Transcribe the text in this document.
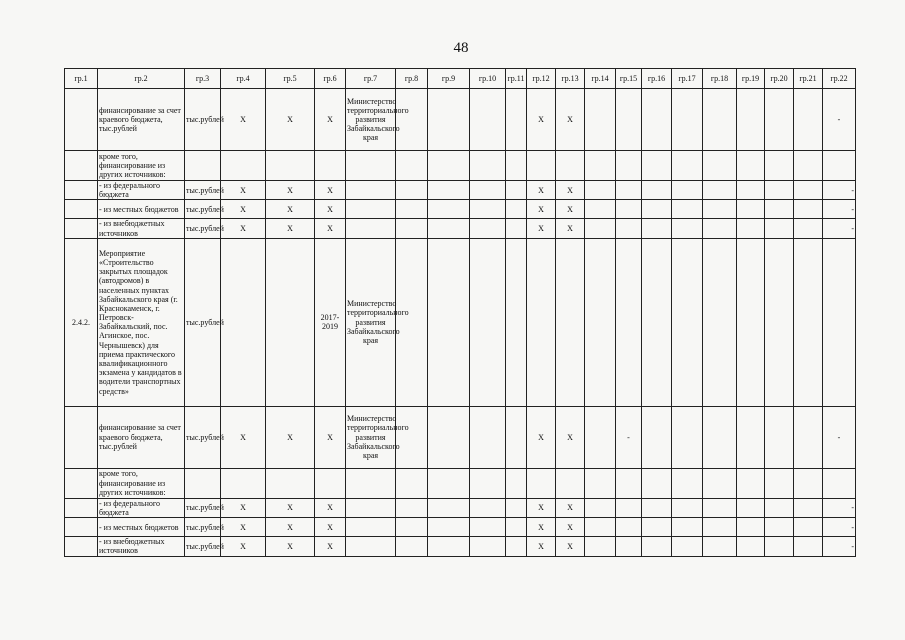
48
гр.1	гр.2	гр.3	гр.4	гр.5	гр.6	гр.7	гр.8	гр.9	гр.10	гр.11	гр.12	гр.13	гр.14	гр.15	гр.16	гр.17	гр.18	гр.19	гр.20	гр.21	гр.22
	финансирование за счет краевого бюджета, тыс.рублей	тыс.рублей	Х	Х	Х	Министерство территориального развития Забайкальского края					Х	Х									-
	кроме того, финансирование из других источников:																				
	- из федерального бюджета	тыс.рублей	Х	Х	Х						Х	Х									-
	- из местных бюджетов	тыс.рублей	Х	Х	Х						Х	Х									-
	- из внебюджетных источников	тыс.рублей	Х	Х	Х						Х	Х									-
2.4.2.	Мероприятие «Строительство закрытых площадок (автодромов) в населенных пунктах Забайкальского края (г. Краснокаменск, г. Петровск-Забайкальский, пос. Агинское, пос. Чернышевск) для приема практического квалификационного экзамена у кандидатов в водители транспортных средств»	тыс.рублей			2017-2019	Министерство территориального развития Забайкальского края															
	финансирование за счет краевого бюджета, тыс.рублей	тыс.рублей	Х	Х	Х	Министерство территориального развития Забайкальского края					Х	Х		-							-
	кроме того, финансирование из других источников:																				
	- из федерального бюджета	тыс.рублей	Х	Х	Х						Х	Х									-
	- из местных бюджетов	тыс.рублей	Х	Х	Х						Х	Х									-
	- из внебюджетных источников	тыс.рублей	Х	Х	Х						Х	Х									-
